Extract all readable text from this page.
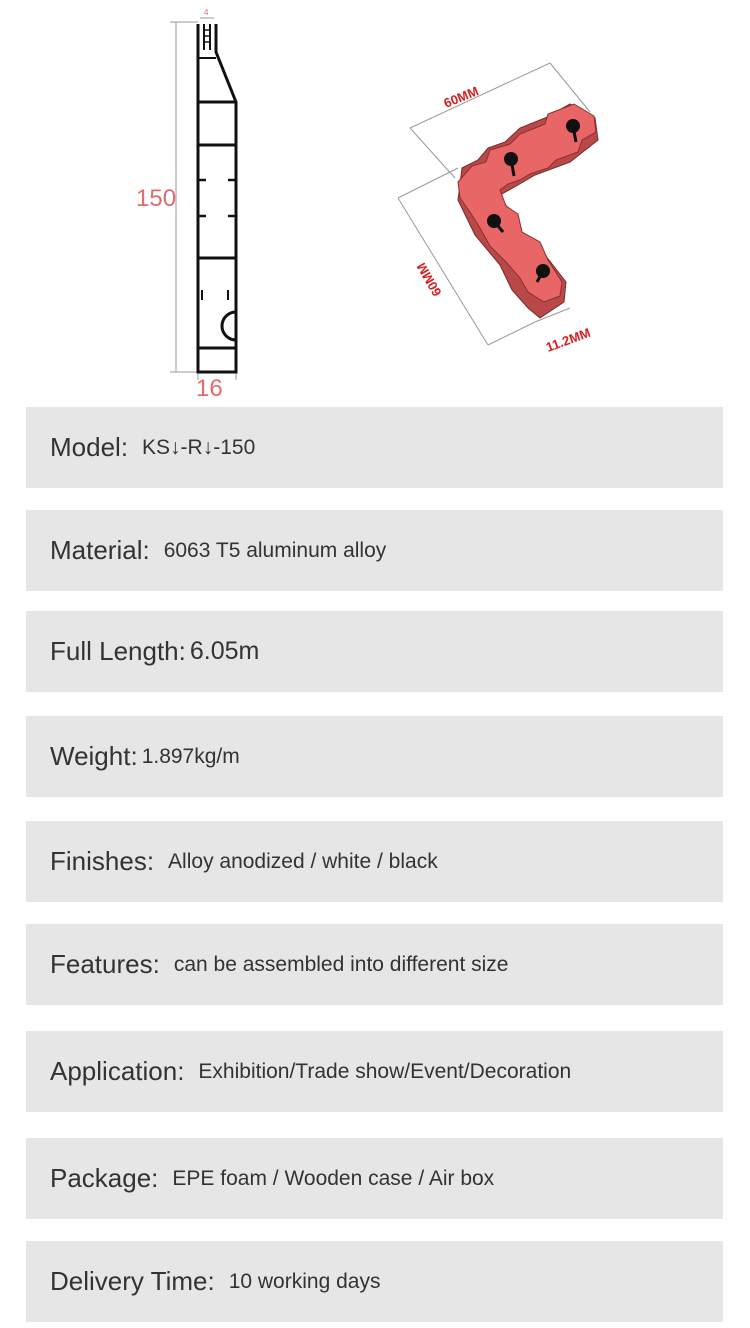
150
16
4
60MM
60MM
11.2MM
Model: KS↓-R↓-150
Material: 6063 T5 aluminum alloy
Full Length: 6.05m
Weight: 1.897kg/m
Finishes: Alloy anodized / white / black
Features: can be assembled into different size
Application: Exhibition/Trade show/Event/Decoration
Package: EPE foam / Wooden case / Air box
Delivery Time: 10 working days
